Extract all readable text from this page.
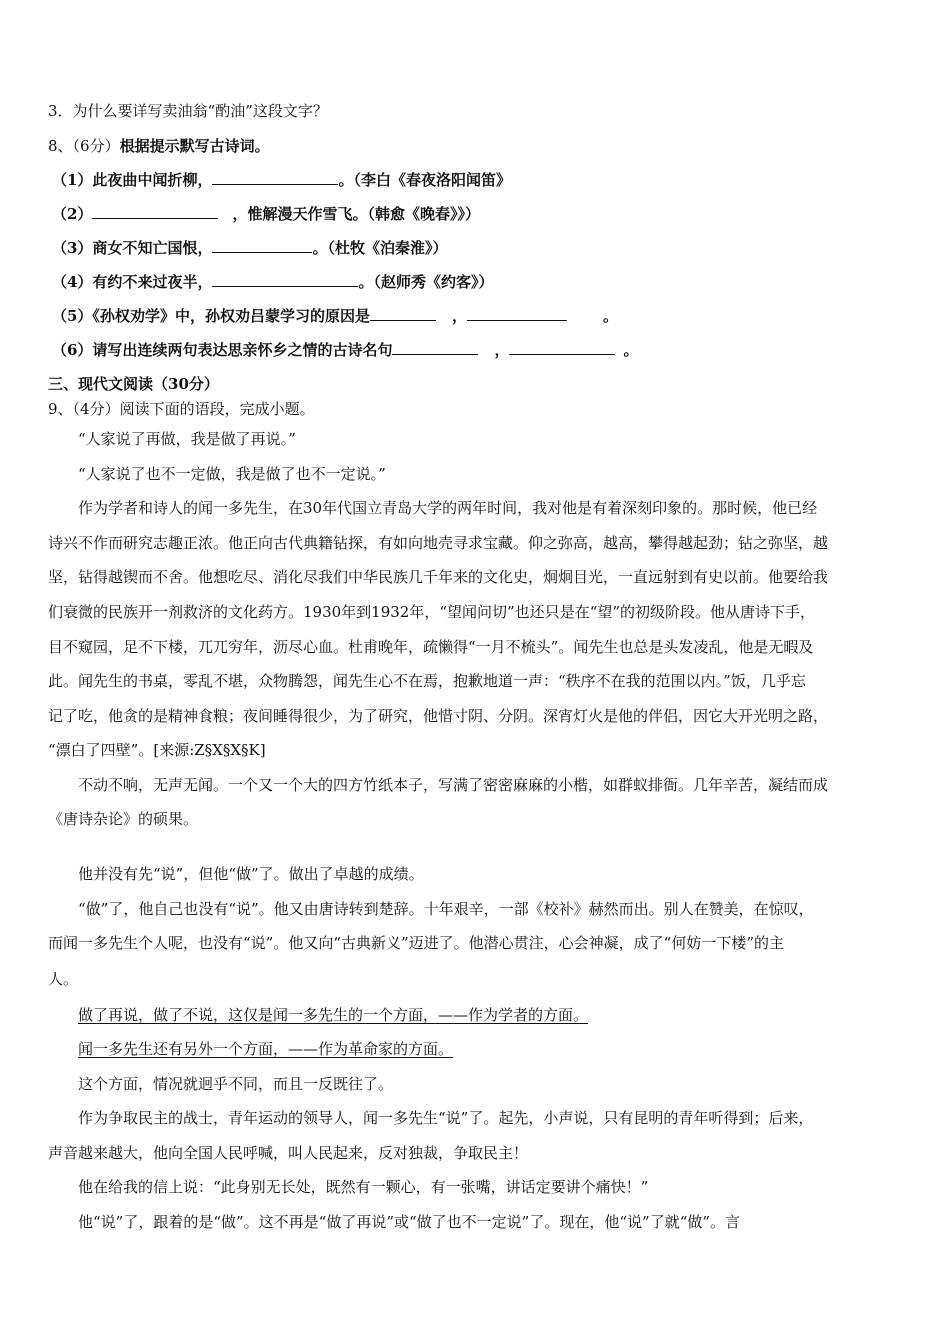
3．为什么要详写卖油翁“酌油”这段文字？
8、（6分）根据提示默写古诗词。
（1）此夜曲中闻折柳，	。（李白《春夜洛阳闻笛》
（2）	，惟解漫天作雪飞。（韩愈《晚春》》）
（3）商女不知亡国恨，	。（杜牧《泊秦淮》）
（4）有约不来过夜半，	。（赵师秀《约客》）
（5）《孙权劝学》中，孙权劝吕蒙学习的原因是	，	。
（6）请写出连续两句表达思亲怀乡之情的古诗名句	，	。
三、现代文阅读（30分）
9、（4分）阅读下面的语段，完成小题。
“人家说了再做，我是做了再说。”
“人家说了也不一定做，我是做了也不一定说。”
作为学者和诗人的闻一多先生，在30年代国立青岛大学的两年时间，我对他是有着深刻印象的。那时候，他已经
诗兴不作而研究志趣正浓。他正向古代典籍钻探，有如向地壳寻求宝藏。仰之弥高，越高，攀得越起劲；钻之弥坚，越
坚，钻得越锲而不舍。他想吃尽、消化尽我们中华民族几千年来的文化史，炯炯目光，一直远射到有史以前。他要给我
们衰微的民族开一剂救济的文化药方。1930年到1932年，“望闻问切”也还只是在“望”的初级阶段。他从唐诗下手，
目不窥园，足不下楼，兀兀穷年，沥尽心血。杜甫晚年，疏懒得“一月不梳头”。闻先生也总是头发凌乱，他是无暇及
此。闻先生的书桌，零乱不堪，众物腾怨，闻先生心不在焉，抱歉地道一声：“秩序不在我的范围以内。”饭，几乎忘
记了吃，他贪的是精神食粮；夜间睡得很少，为了研究，他惜寸阴、分阴。深宵灯火是他的伴侣，因它大开光明之路，
“漂白了四壁”。[来源:Z§X§X§K]
不动不响，无声无闻。一个又一个大的四方竹纸本子，写满了密密麻麻的小楷，如群蚁排衙。几年辛苦，凝结而成
《唐诗杂论》的硕果。
他并没有先“说”，但他“做”了。做出了卓越的成绩。
“做”了，他自己也没有“说”。他又由唐诗转到楚辞。十年艰辛，一部《校补》赫然而出。别人在赞美，在惊叹，
而闻一多先生个人呢，也没有“说”。他又向“古典新义”迈进了。他潜心贯注，心会神凝，成了“何妨一下楼”的主
人。
做了再说，做了不说，这仅是闻一多先生的一个方面，——作为学者的方面。
闻一多先生还有另外一个方面，——作为革命家的方面。
这个方面，情况就迥乎不同，而且一反既往了。
作为争取民主的战士，青年运动的领导人，闻一多先生“说”了。起先，小声说，只有昆明的青年听得到；后来，
声音越来越大，他向全国人民呼喊，叫人民起来，反对独裁，争取民主！
他在给我的信上说：“此身别无长处，既然有一颗心，有一张嘴，讲话定要讲个痛快！”
他“说”了，跟着的是“做”。这不再是“做了再说”或“做了也不一定说”了。现在，他“说”了就“做”。言
